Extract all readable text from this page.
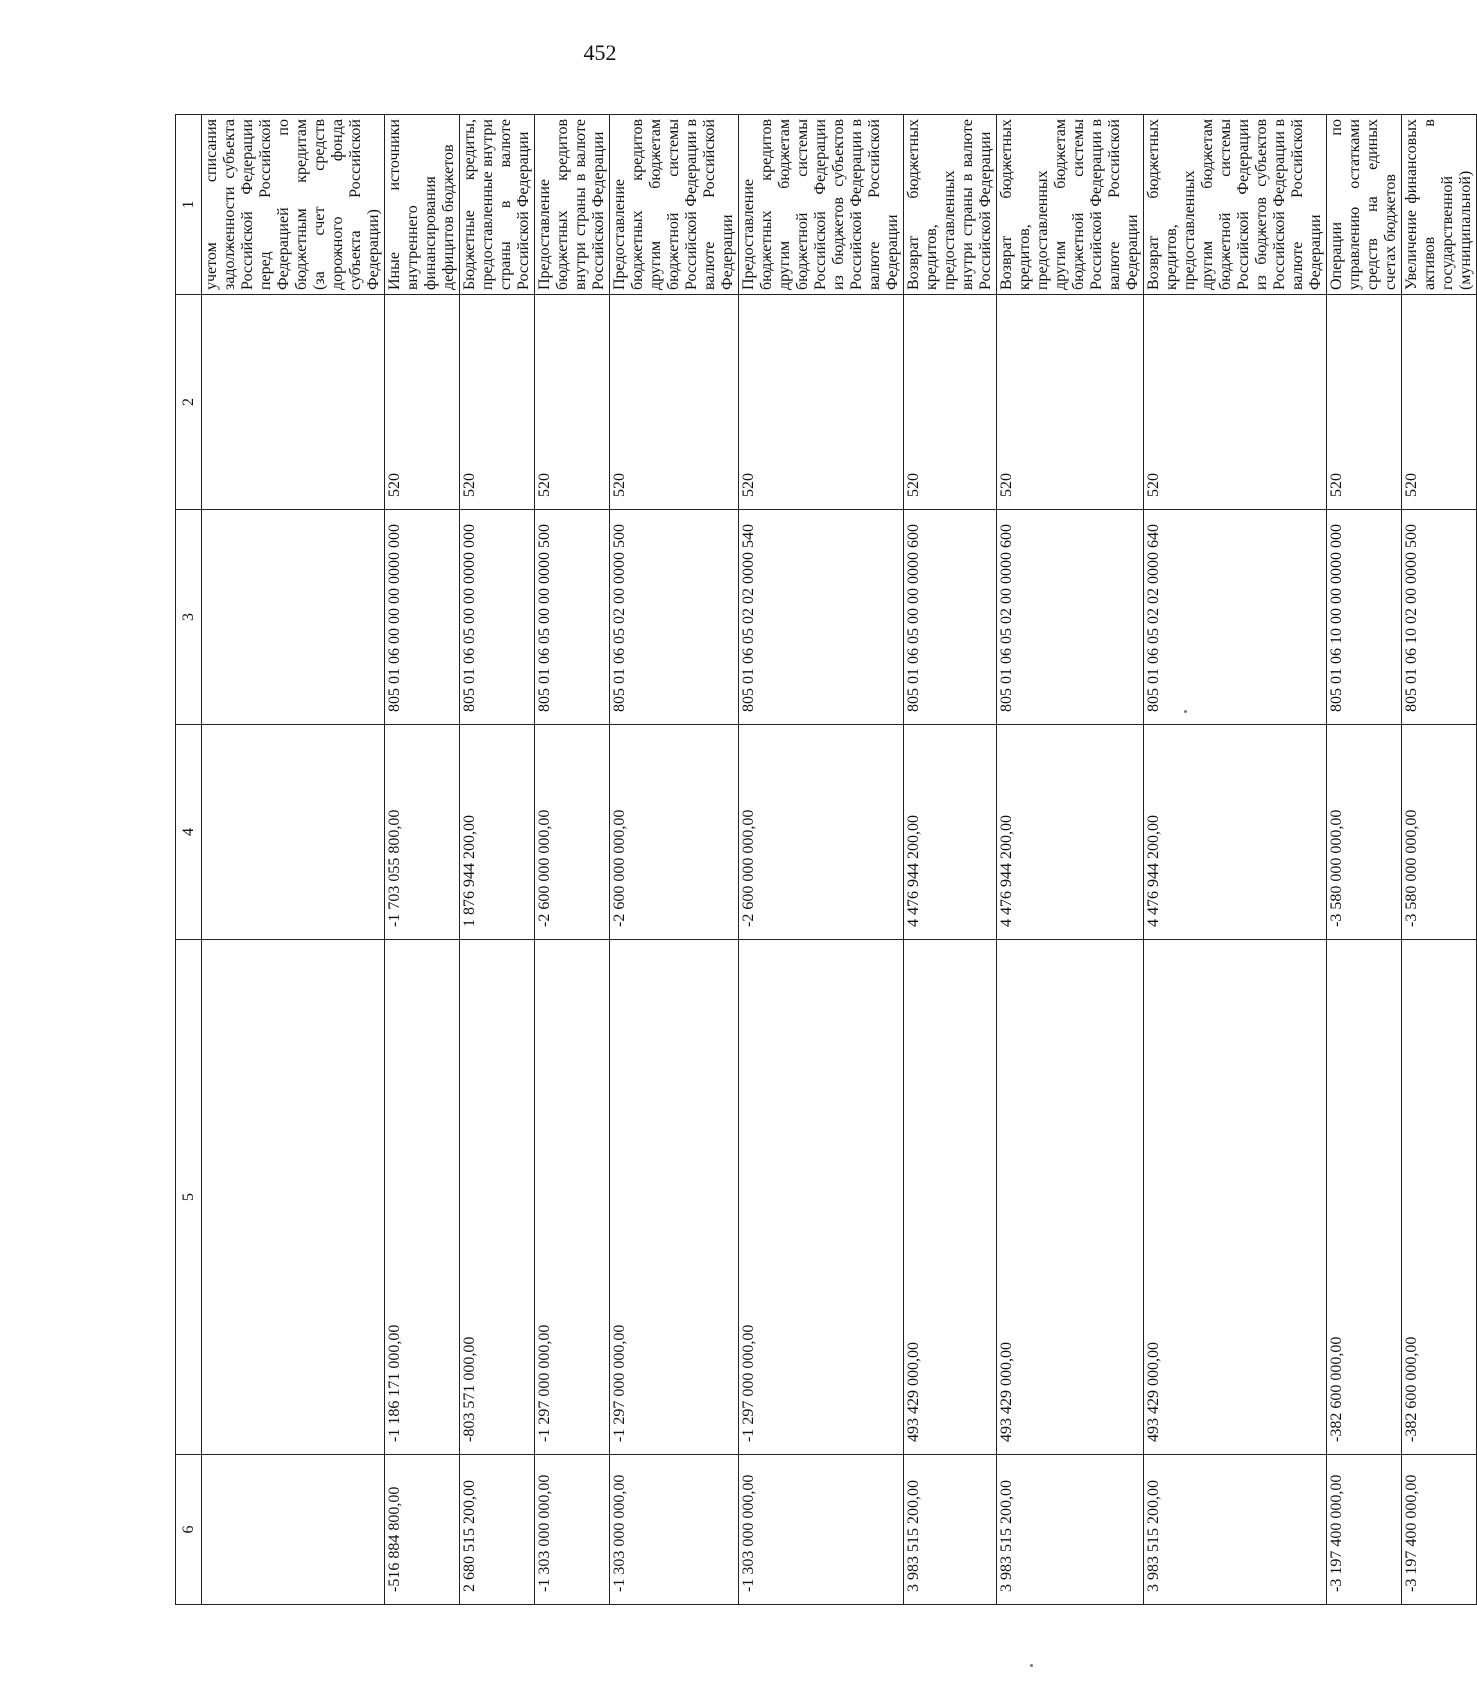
452
6	5	4	3	2	1
					учетом списания задолженности субъекта Российской Федерации перед Российской Федерацией по бюджетным кредитам (за счет средств дорожного фонда субъекта Российской Федерации)
-516 884 800,00	-1 186 171 000,00	-1 703 055 800,00	805 01 06 00 00 00 0000 000	520	Иные источники внутреннего финансирования дефицитов бюджетов
2 680 515 200,00	-803 571 000,00	1 876 944 200,00	805 01 06 05 00 00 0000 000	520	Бюджетные кредиты, предоставленные внутри страны в валюте Российской Федерации
-1 303 000 000,00	-1 297 000 000,00	-2 600 000 000,00	805 01 06 05 00 00 0000 500	520	Предоставление бюджетных кредитов внутри страны в валюте Российской Федерации
-1 303 000 000,00	-1 297 000 000,00	-2 600 000 000,00	805 01 06 05 02 00 0000 500	520	Предоставление бюджетных кредитов другим бюджетам бюджетной системы Российской Федерации в валюте Российской Федерации
-1 303 000 000,00	-1 297 000 000,00	-2 600 000 000,00	805 01 06 05 02 02 0000 540	520	Предоставление бюджетных кредитов другим бюджетам бюджетной системы Российской Федерации из бюджетов субъектов Российской Федерации в валюте Российской Федерации
3 983 515 200,00	493 429 000,00	4 476 944 200,00	805 01 06 05 00 00 0000 600	520	Возврат бюджетных кредитов, предоставленных внутри страны в валюте Российской Федерации
3 983 515 200,00	493 429 000,00	4 476 944 200,00	805 01 06 05 02 00 0000 600	520	Возврат бюджетных кредитов, предоставленных другим бюджетам бюджетной системы Российской Федерации в валюте Российской Федерации
3 983 515 200,00	493 429 000,00	4 476 944 200,00	805 01 06 05 02 02 0000 640	520	Возврат бюджетных кредитов, предоставленных другим бюджетам бюджетной системы Российской Федерации из бюджетов субъектов Российской Федерации в валюте Российской Федерации
-3 197 400 000,00	-382 600 000,00	-3 580 000 000,00	805 01 06 10 00 00 0000 000	520	Операции по управлению остатками средств на единых счетах бюджетов
-3 197 400 000,00	-382 600 000,00	-3 580 000 000,00	805 01 06 10 02 00 0000 500	520	Увеличение финансовых активов в государственной (муниципальной)
